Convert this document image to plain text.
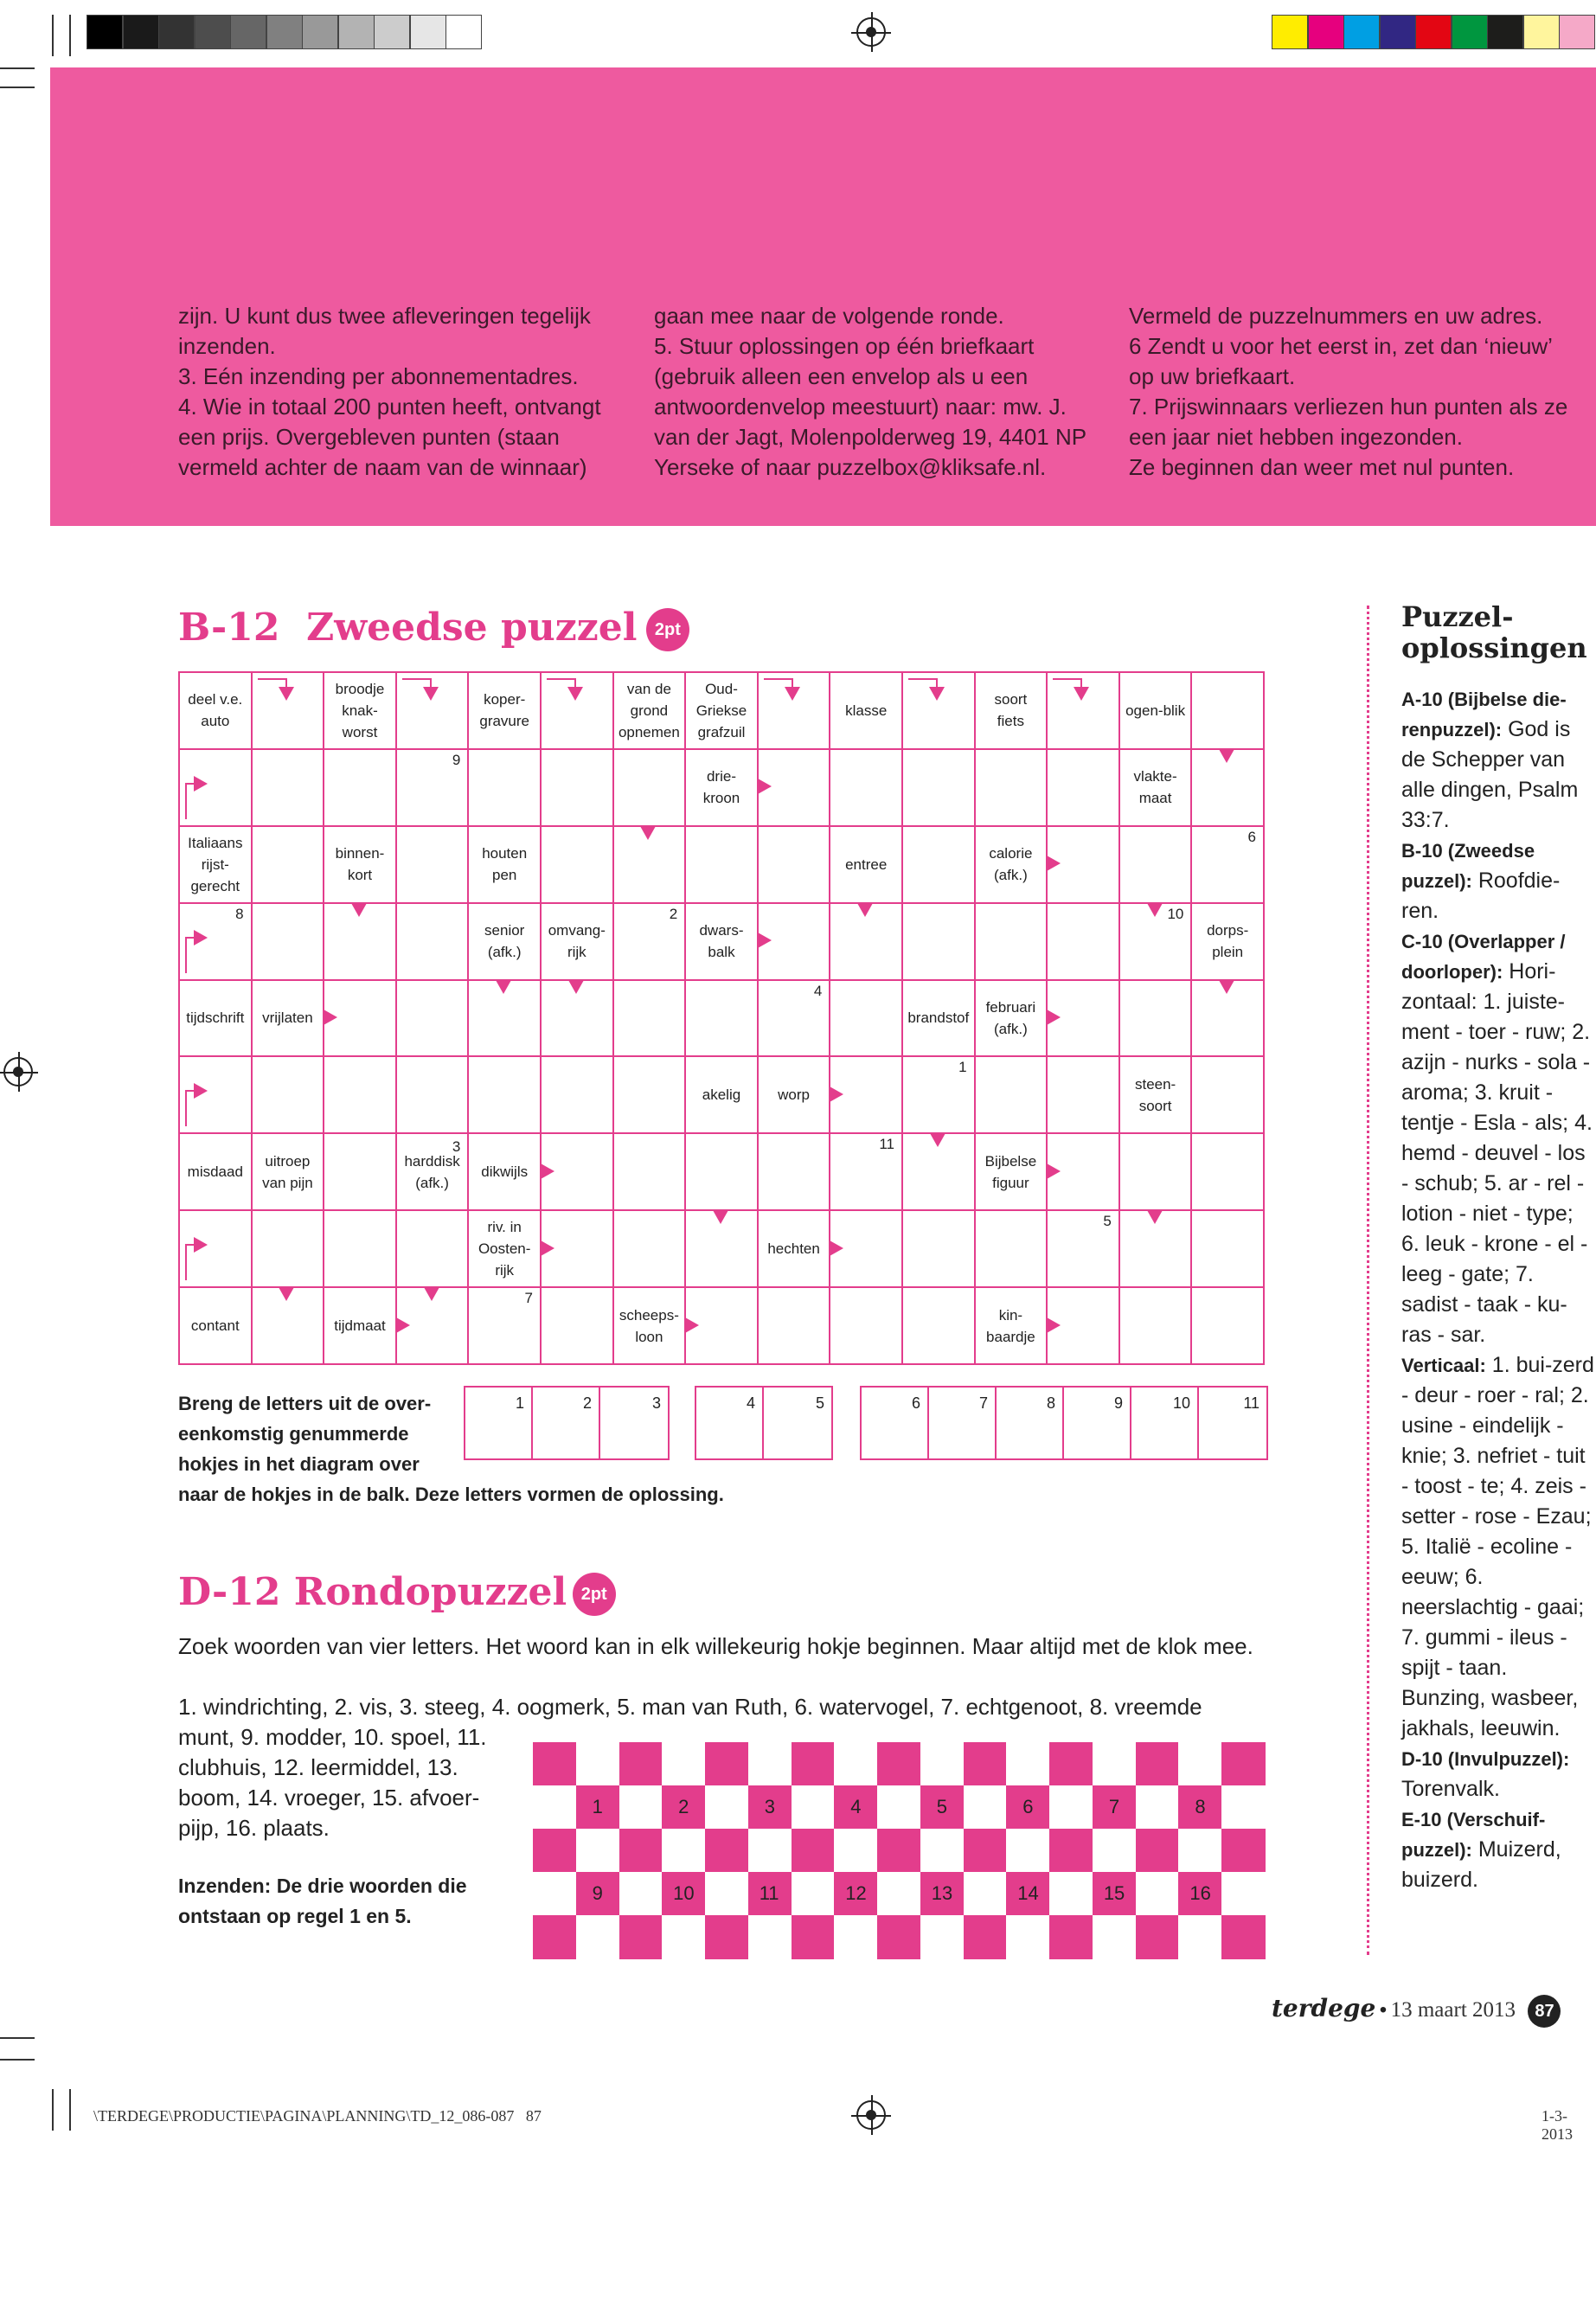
zijn. U kunt dus twee afleveringen tegelijk inzenden.

3. Eén inzending per abonnementadres.

4. Wie in totaal 200 punten heeft, ontvangt een prijs. Overgebleven punten (staan vermeld achter de naam van de winnaar)

gaan mee naar de volgende ronde.

5. Stuur oplossingen op één briefkaart (gebruik alleen een envelop als u een antwoordenvelop meestuurt) naar: mw. J. van der Jagt, Molenpolderweg 19, 4401 NP Yerseke of naar puzzelbox@kliksafe.nl.

Vermeld de puzzelnummers en uw adres.

6 Zendt u voor het eerst in, zet dan ‘nieuw’ op uw briefkaart.

7. Prijswinnaars verliezen hun punten als ze een jaar niet hebben ingezonden.

Ze beginnen dan weer met nul punten.

B-12  Zweedse puzzel 2pt
deel v.e. auto
broodje knak-worst
koper-gravure
van de grond opnemen
Oud-Griekse grafzuil
klasse
soort fiets
ogen-blik
9
drie-kroon
vlakte-maat
Italiaans rijst-gerecht
binnen-kort
houten pen
entree
calorie (afk.)
6
8
senior (afk.)
omvang-rijk
2
dwars-balk
10
dorps-plein
tijdschrift vrijlaten
4
brandstof
februari (afk.)
akelig	worp
1
steen-soort
misdaad
uitroep van pijn
harddisk (afk.)
3
dikwijls
11
Bijbelse figuur
riv. in Oosten-rijk
hechten
5
contant	tijdmaat
7
scheeps-loon
kin-baardje
Breng de letters uit de over-
eenkomstig genummerde
hokjes in het diagram over
naar de hokjes in de balk. Deze letters vormen de oplossing.
1	2	3	4	5	6	7	8	9	10	11
D-12 Rondopuzzel 2pt
Zoek woorden van vier letters. Het woord kan in elk willekeurig hokje beginnen. Maar altijd met de klok mee.
1. windrichting, 2. vis, 3. steeg, 4. oogmerk, 5. man van Ruth, 6. watervogel, 7. echtgenoot, 8. vreemde
munt, 9. modder, 10. spoel, 11.
clubhuis, 12. leermiddel, 13.
boom, 14. vroeger, 15. afvoer-
pijp, 16. plaats.
Inzenden: De drie woorden die
ontstaan op regel 1 en 5.
1	2	3	4	5	6	7	8
9	10	11	12	13	14	15	16
Puzzel-
oplossingen
A-10 (Bijbelse die- renpuzzel): God is de Schepper van alle dingen, Psalm 33:7.
B-10 (Zweedse puzzel): Roofdie-ren.
C-10 (Overlapper / doorloper): Hori-zontaal: 1. juiste-ment - toer - ruw; 2. azijn - nurks - sola - aroma; 3. kruit - tentje - Esla - als; 4. hemd - deuvel - los - schub; 5. ar - rel - lotion - niet - type; 6. leuk - krone - el - leeg - gate; 7. sadist - taak - ku-ras - sar.
Verticaal: 1. bui-zerd - deur - roer - ral; 2. usine - eindelijk - knie; 3. nefriet - tuit - toost - te; 4. zeis - setter - rose - Ezau; 5. Italië - ecoline - eeuw; 6. neerslachtig - gaai; 7. gummi - ileus - spijt - taan. Bunzing, wasbeer, jakhals, leeuwin.
D-10 (Invulpuzzel): Torenvalk.
E-10 (Verschuif- puzzel): Muizerd, buizerd.
terdege • 13 maart 2013 87
\TERDEGE\PRODUCTIE\PAGINA\PLANNING\TD_12_086-087   87	1-3-2013
